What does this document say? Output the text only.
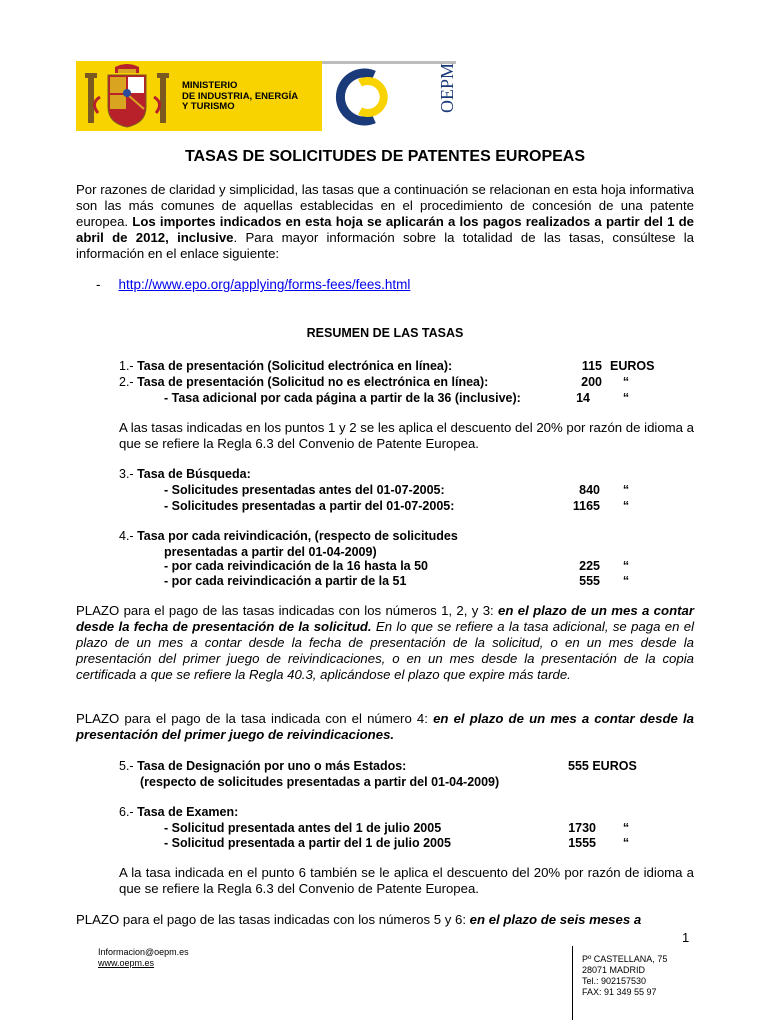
MINISTERIO
DE INDUSTRIA, ENERGÍA
Y TURISMO	OEPM
TASAS DE SOLICITUDES DE PATENTES EUROPEAS
Por razones de claridad y simplicidad, las tasas que a continuación se relacionan en esta hoja informativa son las más comunes de aquellas establecidas en el procedimiento de concesión de una patente europea. Los importes indicados en esta hoja se aplicarán a los pagos realizados a partir del 1 de abril de 2012, inclusive. Para mayor información sobre la totalidad de las tasas, consúltese la información en el enlace siguiente:
- http://www.epo.org/applying/forms-fees/fees.html
RESUMEN DE LAS TASAS
1.- Tasa de presentación (Solicitud electrónica en línea):	115 EUROS
2.- Tasa de presentación (Solicitud no es electrónica en línea):	200	“
- Tasa adicional por cada página a partir de la 36 (inclusive):	14	“
A las tasas indicadas en los puntos 1 y 2 se les aplica el descuento del 20% por razón de idioma a que se refiere la Regla 6.3 del Convenio de Patente Europea.
3.- Tasa de Búsqueda:
- Solicitudes presentadas antes del 01-07-2005:	840	“
- Solicitudes presentadas a partir del 01-07-2005:	1165	“
4.- Tasa por cada reivindicación, (respecto de solicitudes
presentadas a partir del 01-04-2009)
- por cada reivindicación de la 16 hasta la 50	225	“
- por cada reivindicación a partir de la 51	555	“
PLAZO para el pago de las tasas indicadas con los números 1, 2, y 3: en el plazo de un mes a contar desde la fecha de presentación de la solicitud. En lo que se refiere a la tasa adicional, se paga en el plazo de un mes a contar desde la fecha de presentación de la solicitud, o en un mes desde la presentación del primer juego de reivindicaciones, o en un mes desde la presentación de la copia certificada a que se refiere la Regla 40.3, aplicándose el plazo que expire más tarde.
PLAZO para el pago de la tasa indicada con el número 4: en el plazo de un mes a contar desde la presentación del primer juego de reivindicaciones.
5.- Tasa de Designación por uno o más Estados:	555 EUROS
(respecto de solicitudes presentadas a partir del 01-04-2009)
6.- Tasa de Examen:
- Solicitud presentada antes del 1 de julio 2005	1730	“
- Solicitud presentada a partir del 1 de julio 2005	1555	“
A la tasa indicada en el punto 6 también se le aplica el descuento del 20% por razón de idioma a que se refiere la Regla 6.3 del Convenio de Patente Europea.
PLAZO para el pago de las tasas indicadas con los números 5 y 6: en el plazo de seis meses a
1
Informacion@oepm.es
www.oepm.es	Pº CASTELLANA, 75
28071 MADRID
Tel.: 902157530
FAX: 91 349 55 97
